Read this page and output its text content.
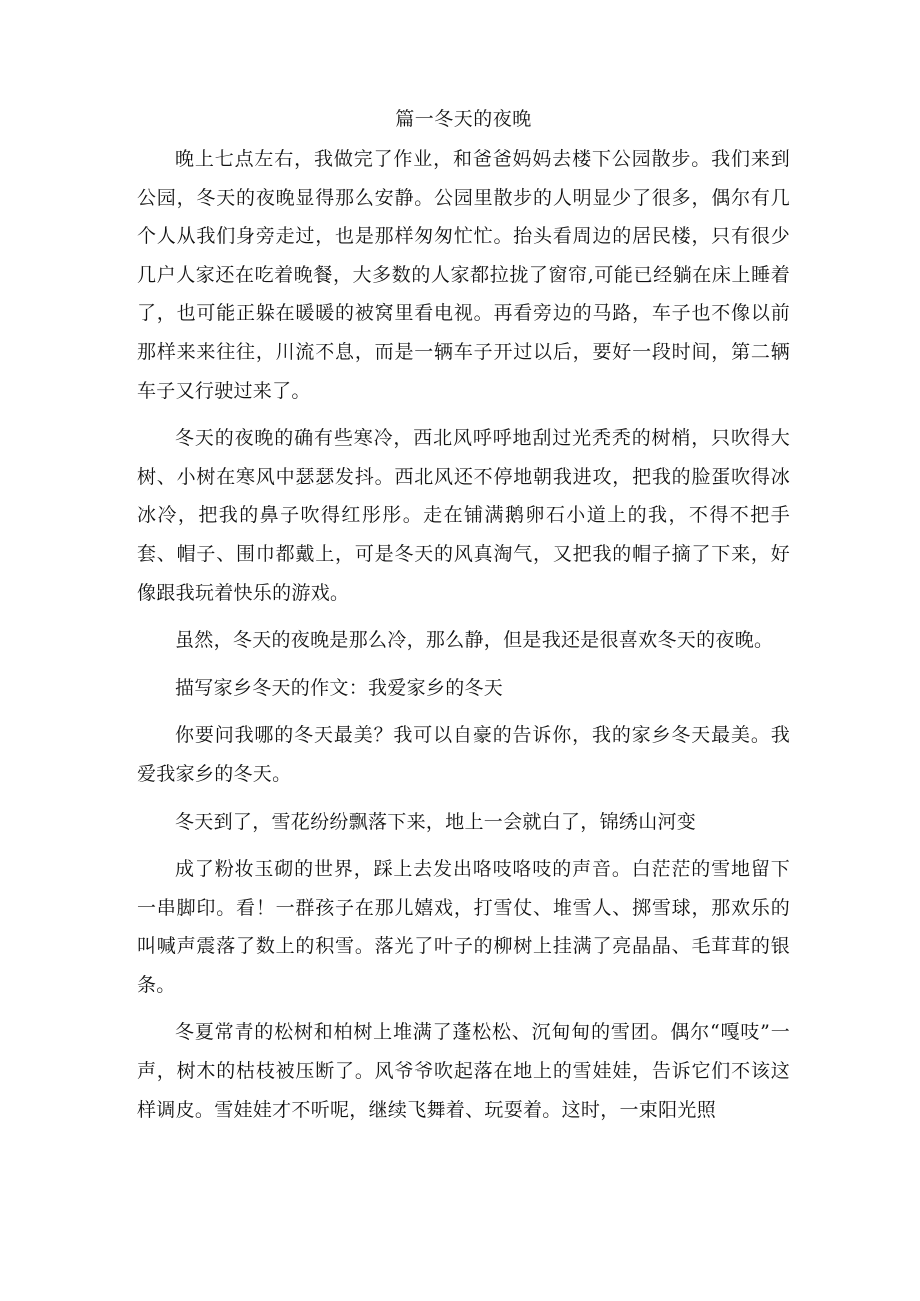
篇一冬天的夜晚

晚上七点左右，我做完了作业，和爸爸妈妈去楼下公园散步。我们来到公园，冬天的夜晚显得那么安静。公园里散步的人明显少了很多，偶尔有几个人从我们身旁走过，也是那样匆匆忙忙。抬头看周边的居民楼，只有很少几户人家还在吃着晚餐，大多数的人家都拉拢了窗帘,可能已经躺在床上睡着了，也可能正躲在暖暖的被窝里看电视。再看旁边的马路，车子也不像以前那样来来往往，川流不息，而是一辆车子开过以后，要好一段时间，第二辆车子又行驶过来了。

冬天的夜晚的确有些寒冷，西北风呼呼地刮过光秃秃的树梢，只吹得大树、小树在寒风中瑟瑟发抖。西北风还不停地朝我进攻，把我的脸蛋吹得冰冰冷，把我的鼻子吹得红彤彤。走在铺满鹅卵石小道上的我，不得不把手套、帽子、围巾都戴上，可是冬天的风真淘气，又把我的帽子摘了下来，好像跟我玩着快乐的游戏。

虽然，冬天的夜晚是那么冷，那么静，但是我还是很喜欢冬天的夜晚。

描写家乡冬天的作文：我爱家乡的冬天

你要问我哪的冬天最美？我可以自豪的告诉你，我的家乡冬天最美。我爱我家乡的冬天。

冬天到了，雪花纷纷飘落下来，地上一会就白了，锦绣山河变

成了粉妆玉砌的世界，踩上去发出咯吱咯吱的声音。白茫茫的雪地留下一串脚印。看！一群孩子在那儿嬉戏，打雪仗、堆雪人、掷雪球，那欢乐的叫喊声震落了数上的积雪。落光了叶子的柳树上挂满了亮晶晶、毛茸茸的银条。

冬夏常青的松树和柏树上堆满了蓬松松、沉甸甸的雪团。偶尔“嘎吱”一声，树木的枯枝被压断了。风爷爷吹起落在地上的雪娃娃，告诉它们不该这样调皮。雪娃娃才不听呢，继续飞舞着、玩耍着。这时，一束阳光照
